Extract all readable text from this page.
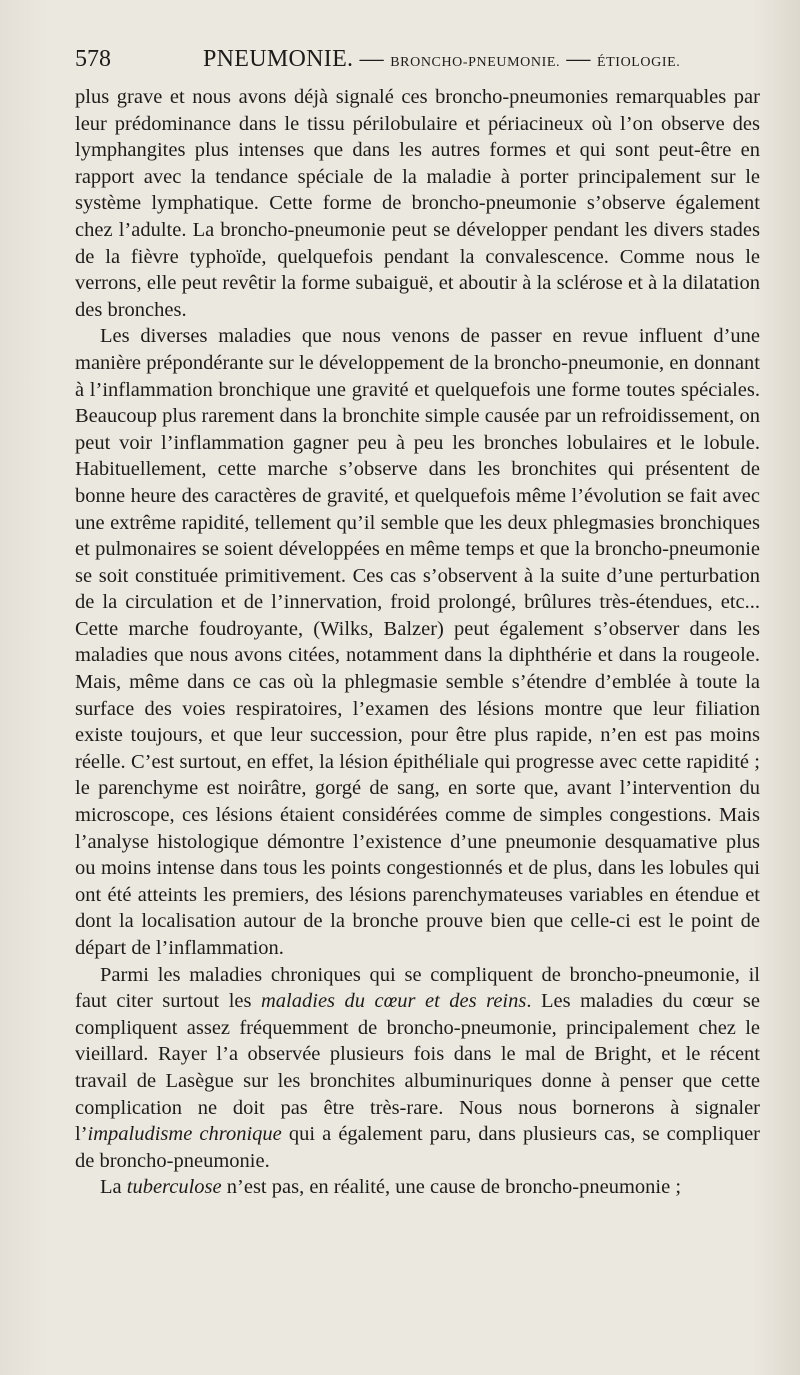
578	PNEUMONIE. — BRONCHO-PNEUMONIE. — ÉTIOLOGIE.

plus grave et nous avons déjà signalé ces broncho-pneumonies remarquables par leur prédominance dans le tissu périlobulaire et périacineux où l’on observe des lymphangites plus intenses que dans les autres formes et qui sont peut-être en rapport avec la tendance spéciale de la maladie à porter principalement sur le système lymphatique. Cette forme de broncho-pneumonie s’observe également chez l’adulte. La broncho-pneumonie peut se développer pendant les divers stades de la fièvre typhoïde, quelquefois pendant la convalescence. Comme nous le verrons, elle peut revêtir la forme subaiguë, et aboutir à la sclérose et à la dilatation des bronches.

Les diverses maladies que nous venons de passer en revue influent d’une manière prépondérante sur le développement de la broncho-pneumonie, en donnant à l’inflammation bronchique une gravité et quelquefois une forme toutes spéciales. Beaucoup plus rarement dans la bronchite simple causée par un refroidissement, on peut voir l’inflammation gagner peu à peu les bronches lobulaires et le lobule. Habituellement, cette marche s’observe dans les bronchites qui présentent de bonne heure des caractères de gravité, et quelquefois même l’évolution se fait avec une extrême rapidité, tellement qu’il semble que les deux phlegmasies bronchiques et pulmonaires se soient développées en même temps et que la broncho-pneumonie se soit constituée primitivement. Ces cas s’observent à la suite d’une perturbation de la circulation et de l’innervation, froid prolongé, brûlures très-étendues, etc... Cette marche foudroyante, (Wilks, Balzer) peut également s’observer dans les maladies que nous avons citées, notamment dans la diphthérie et dans la rougeole. Mais, même dans ce cas où la phlegmasie semble s’étendre d’emblée à toute la surface des voies respiratoires, l’examen des lésions montre que leur filiation existe toujours, et que leur succession, pour être plus rapide, n’en est pas moins réelle. C’est surtout, en effet, la lésion épithéliale qui progresse avec cette rapidité ; le parenchyme est noirâtre, gorgé de sang, en sorte que, avant l’intervention du microscope, ces lésions étaient considérées comme de simples congestions. Mais l’analyse histologique démontre l’existence d’une pneumonie desquamative plus ou moins intense dans tous les points congestionnés et de plus, dans les lobules qui ont été atteints les premiers, des lésions parenchymateuses variables en étendue et dont la localisation autour de la bronche prouve bien que celle-ci est le point de départ de l’inflammation.

Parmi les maladies chroniques qui se compliquent de broncho-pneumonie, il faut citer surtout les maladies du cœur et des reins. Les maladies du cœur se compliquent assez fréquemment de broncho-pneumonie, principalement chez le vieillard. Rayer l’a observée plusieurs fois dans le mal de Bright, et le récent travail de Lasègue sur les bronchites albuminuriques donne à penser que cette complication ne doit pas être très-rare. Nous nous bornerons à signaler l’impaludisme chronique qui a également paru, dans plusieurs cas, se compliquer de broncho-pneumonie.

La tuberculose n’est pas, en réalité, une cause de broncho-pneumonie ;
